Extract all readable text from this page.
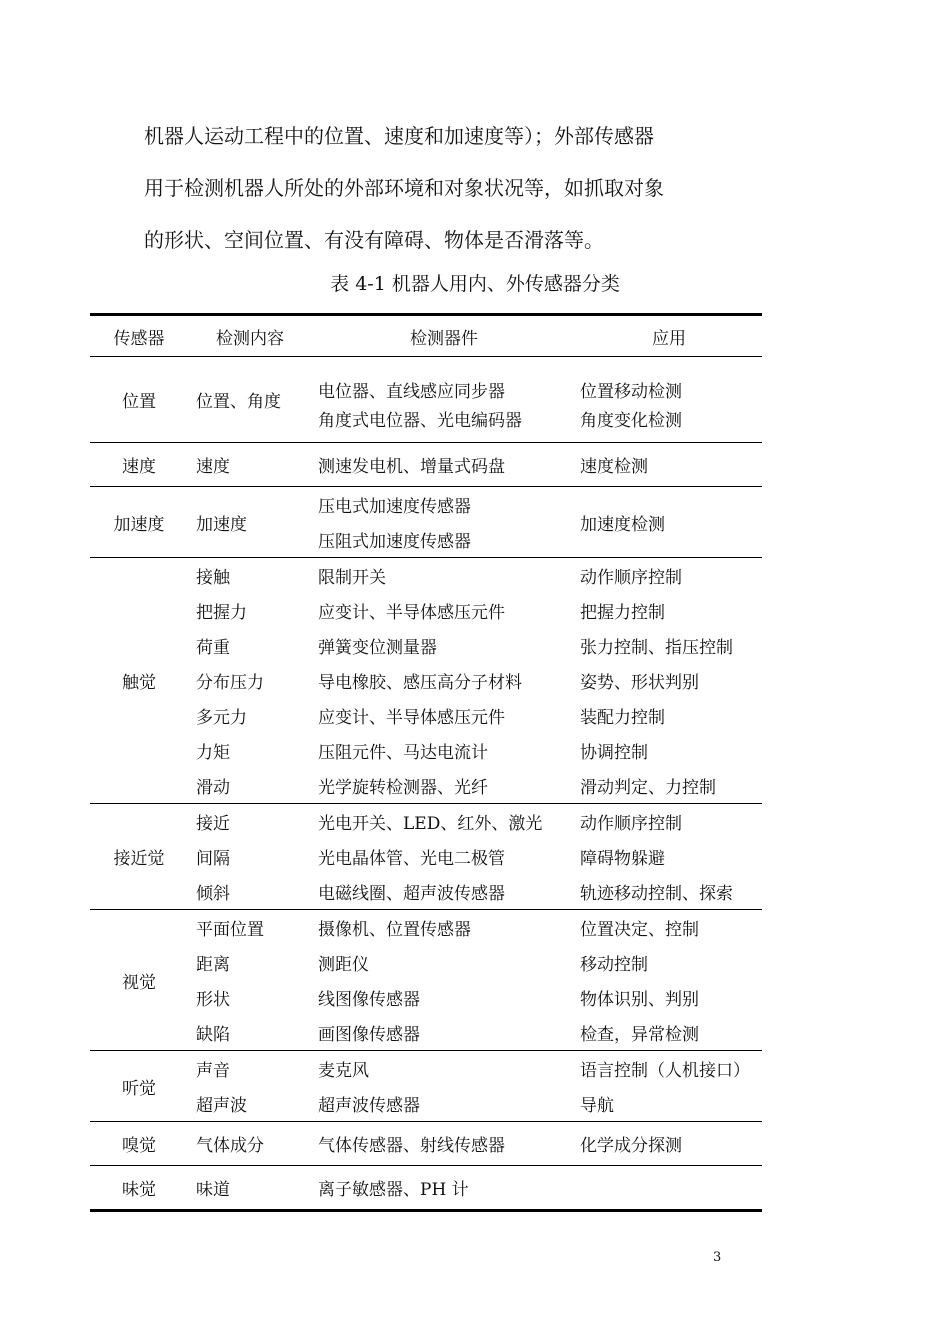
机器人运动工程中的位置、速度和加速度等）；外部传感器
用于检测机器人所处的外部环境和对象状况等，如抓取对象
的形状、空间位置、有没有障碍、物体是否滑落等。
表 4-1 机器人用内、外传感器分类
传感器	检测内容	检测器件	应用
位置	位置、角度	电位器、直线感应同步器	位置移动检测
		角度式电位器、光电编码器	角度变化检测
速度	速度	测速发电机、增量式码盘	速度检测
加速度	加速度	压电式加速度传感器	加速度检测
		压阻式加速度传感器	
触觉	接触	限制开关	动作顺序控制
	把握力	应变计、半导体感压元件	把握力控制
	荷重	弹簧变位测量器	张力控制、指压控制
	分布压力	导电橡胶、感压高分子材料	姿势、形状判别
	多元力	应变计、半导体感压元件	装配力控制
	力矩	压阻元件、马达电流计	协调控制
	滑动	光学旋转检测器、光纤	滑动判定、力控制
接近觉	接近	光电开关、LED、红外、激光	动作顺序控制
	间隔	光电晶体管、光电二极管	障碍物躲避
	倾斜	电磁线圈、超声波传感器	轨迹移动控制、探索
视觉	平面位置	摄像机、位置传感器	位置决定、控制
	距离	测距仪	移动控制
	形状	线图像传感器	物体识别、判别
	缺陷	画图像传感器	检查，异常检测
听觉	声音	麦克风	语言控制（人机接口）
	超声波	超声波传感器	导航
嗅觉	气体成分	气体传感器、射线传感器	化学成分探测
味觉	味道	离子敏感器、PH 计	
3
